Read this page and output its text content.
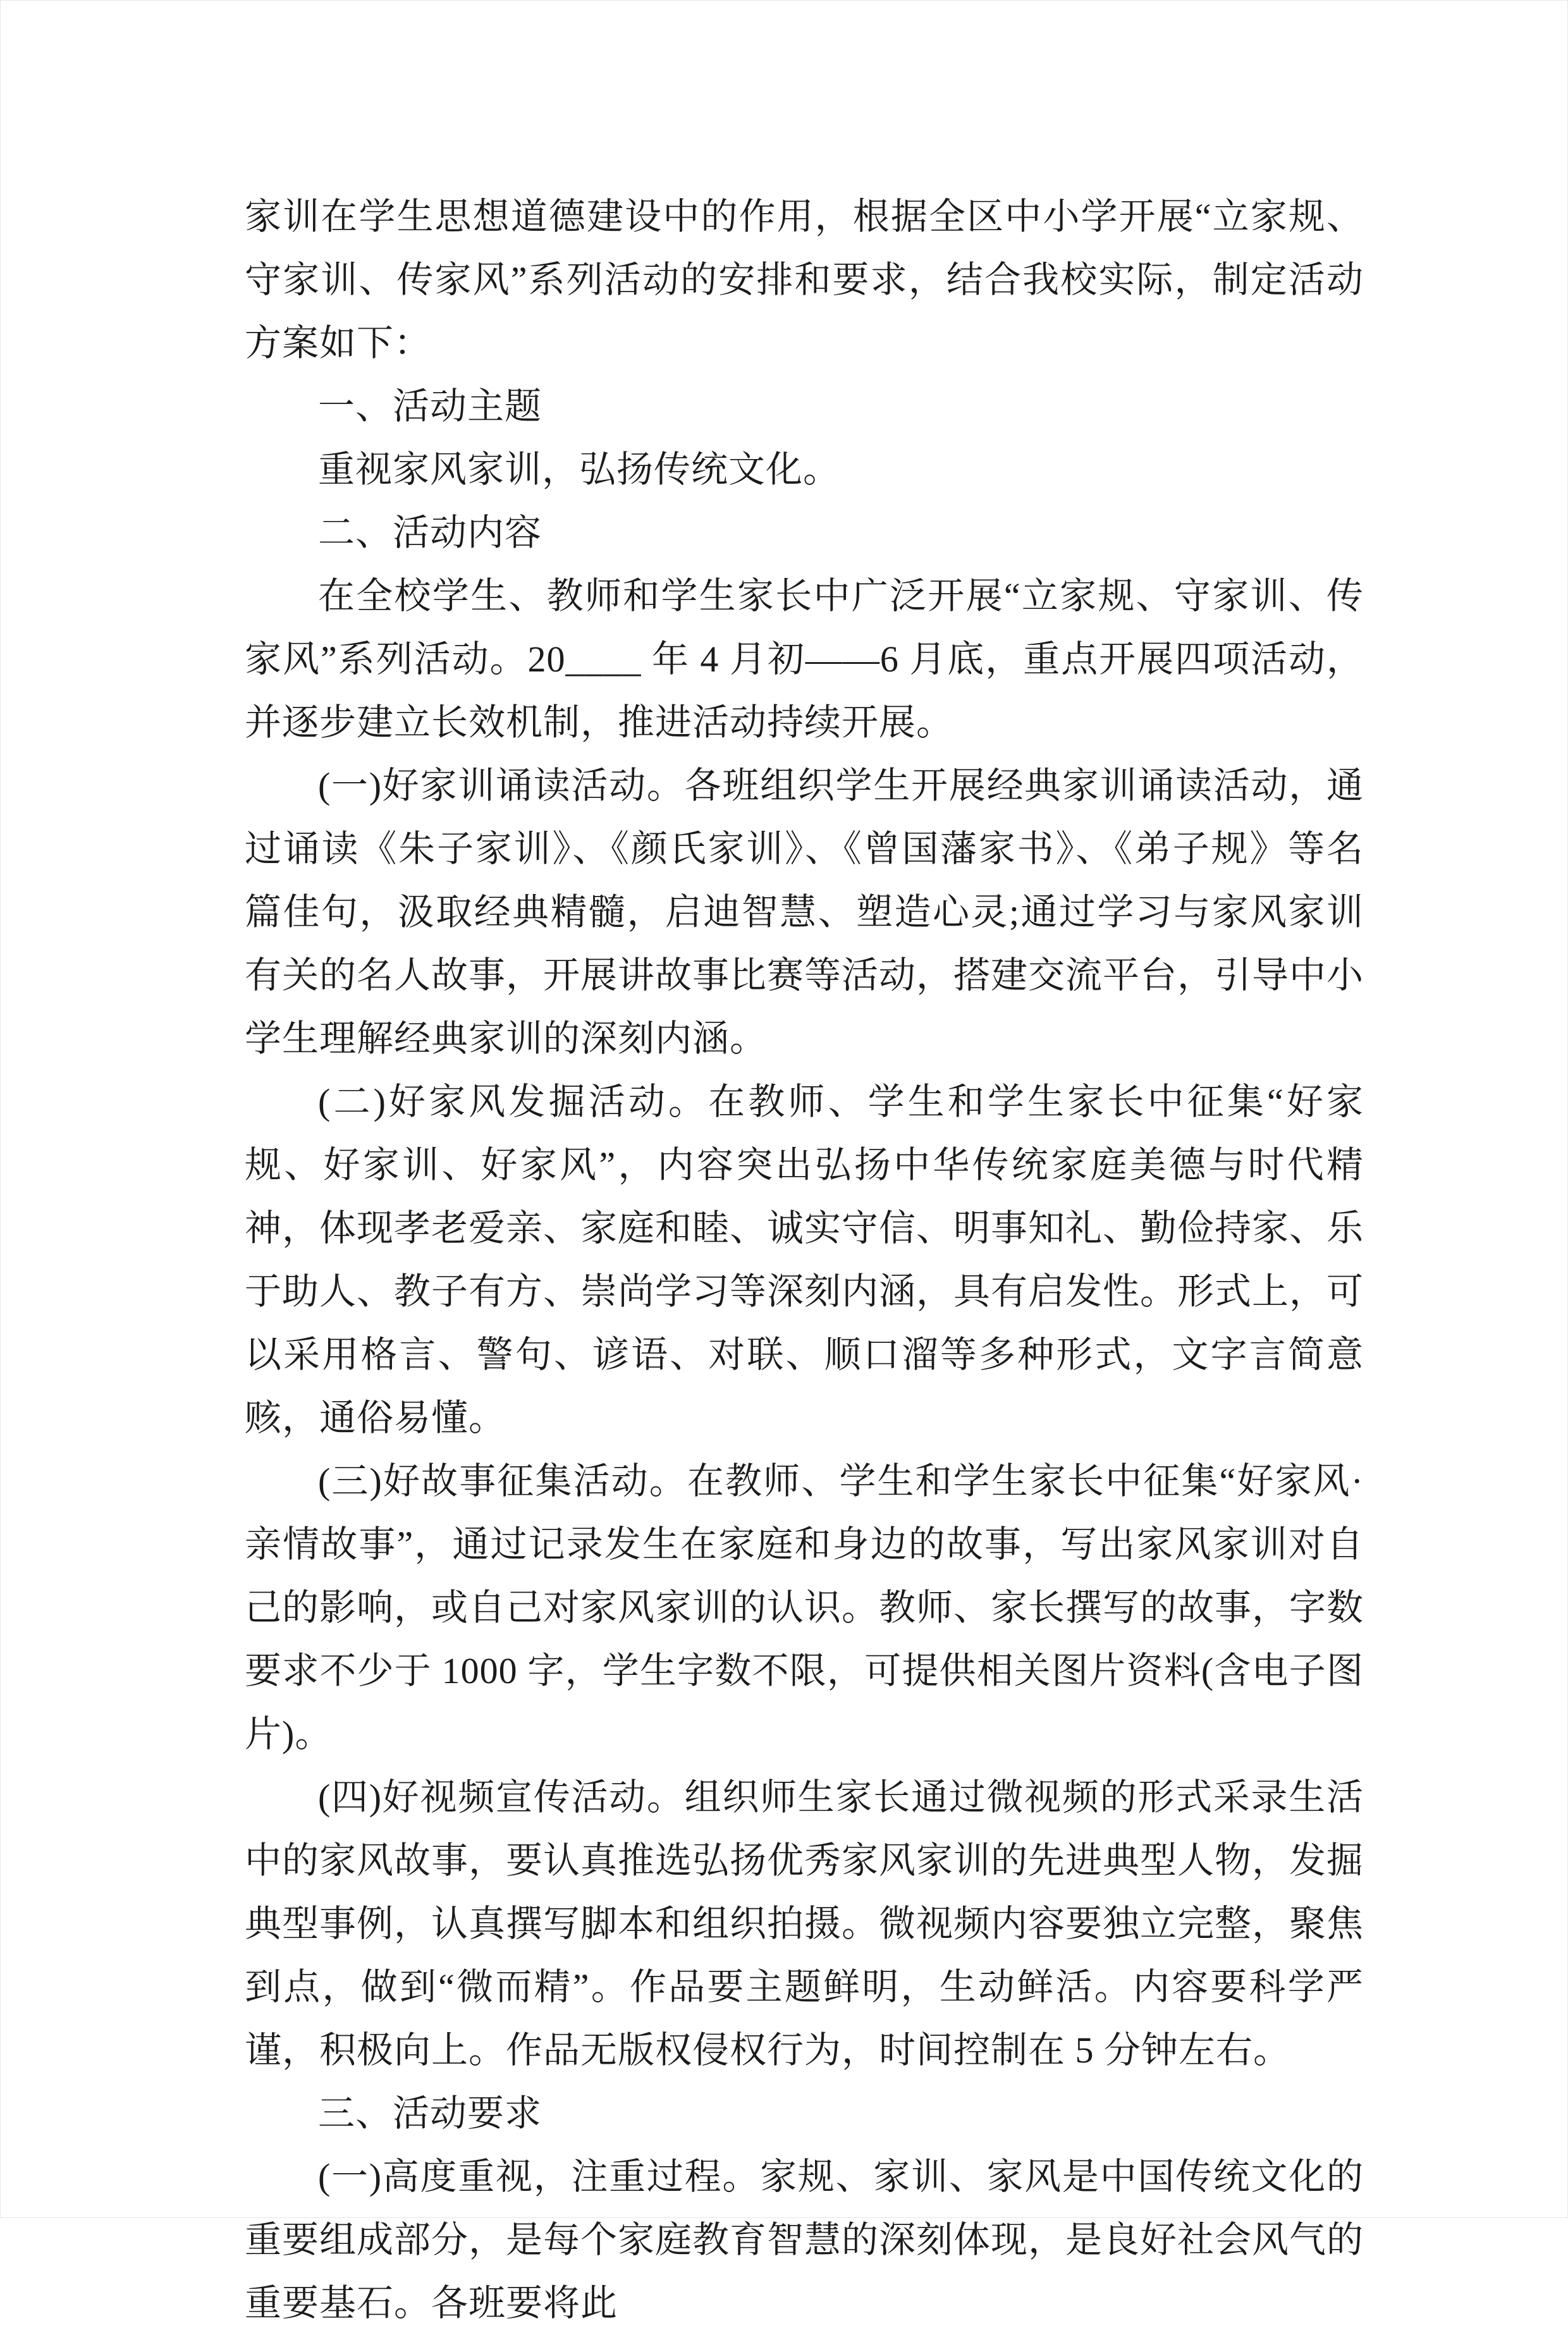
家训在学生思想道德建设中的作用，根据全区中小学开展“立家规、守家训、传家风”系列活动的安排和要求，结合我校实际，制定活动方案如下：

一、活动主题

重视家风家训，弘扬传统文化。

二、活动内容

在全校学生、教师和学生家长中广泛开展“立家规、守家训、传家风”系列活动。20____ 年 4 月初——6 月底，重点开展四项活动，并逐步建立长效机制，推进活动持续开展。

(一)好家训诵读活动。各班组织学生开展经典家训诵读活动，通过诵读《朱子家训》、《颜氏家训》、《曾国藩家书》、《弟子规》等名篇佳句，汲取经典精髓，启迪智慧、塑造心灵;通过学习与家风家训有关的名人故事，开展讲故事比赛等活动，搭建交流平台，引导中小学生理解经典家训的深刻内涵。

(二)好家风发掘活动。在教师、学生和学生家长中征集“好家规、好家训、好家风”，内容突出弘扬中华传统家庭美德与时代精神，体现孝老爱亲、家庭和睦、诚实守信、明事知礼、勤俭持家、乐于助人、教子有方、崇尚学习等深刻内涵，具有启发性。形式上，可以采用格言、警句、谚语、对联、顺口溜等多种形式，文字言简意赅，通俗易懂。

(三)好故事征集活动。在教师、学生和学生家长中征集“好家风·亲情故事”，通过记录发生在家庭和身边的故事，写出家风家训对自己的影响，或自己对家风家训的认识。教师、家长撰写的故事，字数要求不少于 1000 字，学生字数不限，可提供相关图片资料(含电子图片)。

(四)好视频宣传活动。组织师生家长通过微视频的形式采录生活中的家风故事，要认真推选弘扬优秀家风家训的先进典型人物，发掘典型事例，认真撰写脚本和组织拍摄。微视频内容要独立完整，聚焦到点，做到“微而精”。作品要主题鲜明，生动鲜活。内容要科学严谨，积极向上。作品无版权侵权行为，时间控制在 5 分钟左右。

三、活动要求

(一)高度重视，注重过程。家规、家训、家风是中国传统文化的重要组成部分，是每个家庭教育智慧的深刻体现，是良好社会风气的重要基石。各班要将此
